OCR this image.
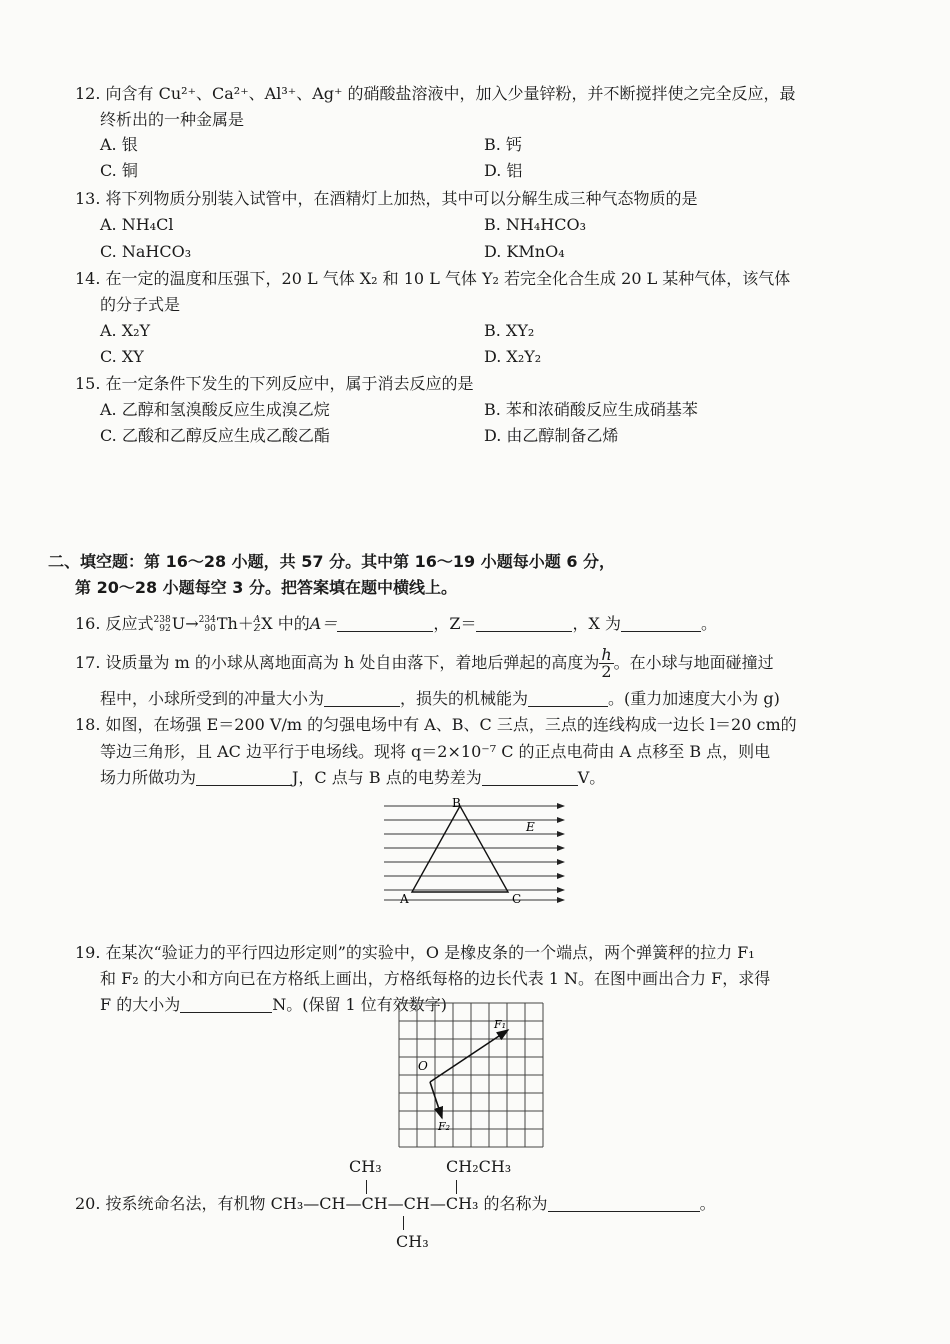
12. 向含有 Cu²⁺、Ca²⁺、Al³⁺、Ag⁺ 的硝酸盐溶液中，加入少量锌粉，并不断搅拌使之完全反应，最
终析出的一种金属是
A. 银	B. 钙
C. 铜	D. 铝
13. 将下列物质分别装入试管中，在酒精灯上加热，其中可以分解生成三种气态物质的是
A. NH₄Cl	B. NH₄HCO₃
C. NaHCO₃	D. KMnO₄
14. 在一定的温度和压强下，20 L 气体 X₂ 和 10 L 气体 Y₂ 若完全化合生成 20 L 某种气体，该气体
的分子式是
A. X₂Y	B. XY₂
C. XY	D. X₂Y₂
15. 在一定条件下发生的下列反应中，属于消去反应的是
A. 乙醇和氢溴酸反应生成溴乙烷	B. 苯和浓硝酸反应生成硝基苯
C. 乙酸和乙醇反应生成乙酸乙酯	D. 由乙醇制备乙烯
二、填空题：第 16～28 小题，共 57 分。其中第 16～19 小题每小题 6 分，
第 20～28 小题每空 3 分。把答案填在题中横线上。
16. 反应式 238
92 U→ 234
90 Th＋ A
Z X 中的A＝	，Z＝	，X 为	。
17. 设质量为 m 的小球从离地面高为 h 处自由落下，着地后弹起的高度为 $\frac{h}{2}$ 。在小球与地面碰撞过
程中，小球所受到的冲量大小为	，损失的机械能为	。(重力加速度大小为 g)
18. 如图，在场强 E＝200 V/m 的匀强电场中有 A、B、C 三点，三点的连线构成一边长 l＝20 cm的
等边三角形，且 AC 边平行于电场线。现将 q＝2×10⁻⁷ C 的正点电荷由 A 点移至 B 点，则电
场力所做功为	J，C 点与 B 点的电势差为	V。
B
A	C
E
19. 在某次“验证力的平行四边形定则”的实验中，O 是橡皮条的一个端点，两个弹簧秤的拉力 F₁
和 F₂ 的大小和方向已在方格纸上画出，方格纸每格的边长代表 1 N。在图中画出合力 F，求得
F 的大小为	N。(保留 1 位有效数字)
O
F₁
F₂
CH₃	CH₂CH₃
20. 按系统命名法，有机物 CH₃—CH—CH—CH—CH₃ 的名称为	。
CH₃
